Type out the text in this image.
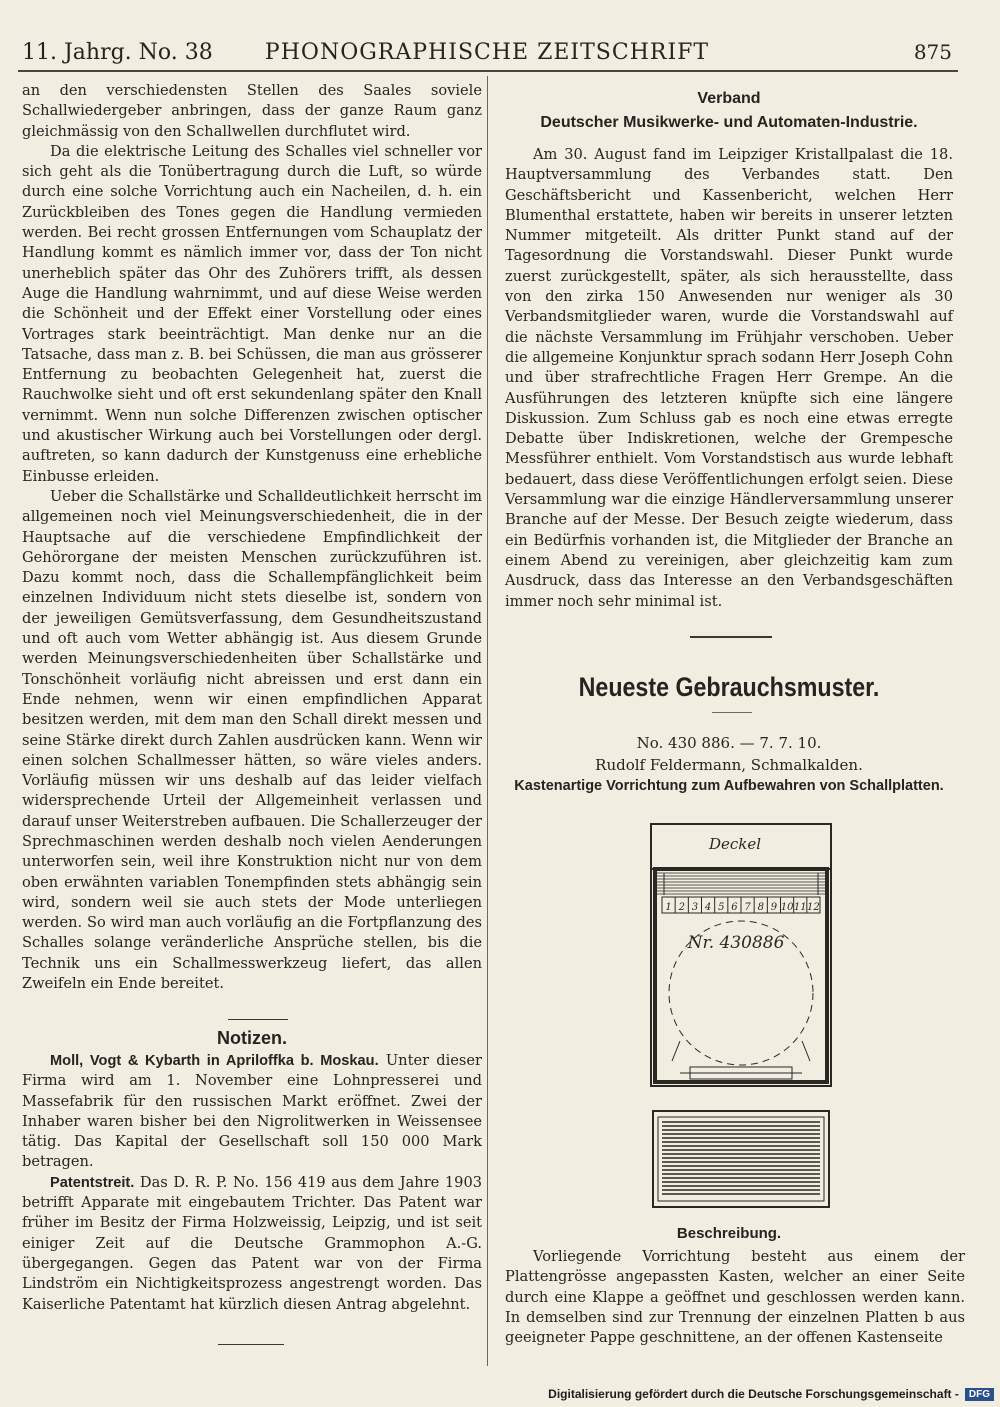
11. Jahrg. No. 38	PHONOGRAPHISCHE ZEITSCHRIFT	875

an den verschiedensten Stellen des Saales soviele Schallwiedergeber anbringen, dass der ganze Raum ganz gleichmässig von den Schallwellen durchflutet wird.

Da die elektrische Leitung des Schalles viel schneller vor sich geht als die Tonübertragung durch die Luft, so würde durch eine solche Vorrichtung auch ein Nacheilen, d. h. ein Zurückbleiben des Tones gegen die Handlung vermieden werden. Bei recht grossen Entfernungen vom Schauplatz der Handlung kommt es nämlich immer vor, dass der Ton nicht unerheblich später das Ohr des Zuhörers trifft, als dessen Auge die Handlung wahrnimmt, und auf diese Weise werden die Schönheit und der Effekt einer Vorstellung oder eines Vortrages stark beeinträchtigt. Man denke nur an die Tatsache, dass man z. B. bei Schüssen, die man aus grösserer Entfernung zu beobachten Gelegenheit hat, zuerst die Rauchwolke sieht und oft erst sekundenlang später den Knall vernimmt. Wenn nun solche Differenzen zwischen optischer und akustischer Wirkung auch bei Vorstellungen oder dergl. auftreten, so kann dadurch der Kunstgenuss eine erhebliche Einbusse erleiden.

Ueber die Schallstärke und Schalldeutlichkeit herrscht im allgemeinen noch viel Meinungsverschiedenheit, die in der Hauptsache auf die verschiedene Empfindlichkeit der Gehörorgane der meisten Menschen zurückzuführen ist. Dazu kommt noch, dass die Schallempfänglichkeit beim einzelnen Individuum nicht stets dieselbe ist, sondern von der jeweiligen Gemütsverfassung, dem Gesundheitszustand und oft auch vom Wetter abhängig ist. Aus diesem Grunde werden Meinungsverschiedenheiten über Schallstärke und Tonschönheit vorläufig nicht abreissen und erst dann ein Ende nehmen, wenn wir einen empfindlichen Apparat besitzen werden, mit dem man den Schall direkt messen und seine Stärke direkt durch Zahlen ausdrücken kann. Wenn wir einen solchen Schallmesser hätten, so wäre vieles anders. Vorläufig müssen wir uns deshalb auf das leider vielfach widersprechende Urteil der Allgemeinheit verlassen und darauf unser Weiterstreben aufbauen. Die Schallerzeuger der Sprechmaschinen werden deshalb noch vielen Aenderungen unterworfen sein, weil ihre Konstruktion nicht nur von dem oben erwähnten variablen Tonempfinden stets abhängig sein wird, sondern weil sie auch stets der Mode unterliegen werden. So wird man auch vorläufig an die Fortpflanzung des Schalles solange veränderliche Ansprüche stellen, bis die Technik uns ein Schallmesswerkzeug liefert, das allen Zweifeln ein Ende bereitet.

Notizen.

Moll, Vogt & Kybarth in Apriloffka b. Moskau. Unter dieser Firma wird am 1. November eine Lohnpresserei und Massefabrik für den russischen Markt eröffnet. Zwei der Inhaber waren bisher bei den Nigrolitwerken in Weissensee tätig. Das Kapital der Gesellschaft soll 150 000 Mark betragen.

Patentstreit. Das D. R. P. No. 156 419 aus dem Jahre 1903 betrifft Apparate mit eingebautem Trichter. Das Patent war früher im Besitz der Firma Holzweissig, Leipzig, und ist seit einiger Zeit auf die Deutsche Grammophon A.-G. übergegangen. Gegen das Patent war von der Firma Lindström ein Nichtigkeitsprozess angestrengt worden. Das Kaiserliche Patentamt hat kürzlich diesen Antrag abgelehnt.

Verband
Deutscher Musikwerke- und Automaten-Industrie.

Am 30. August fand im Leipziger Kristallpalast die 18. Hauptversammlung des Verbandes statt. Den Geschäftsbericht und Kassenbericht, welchen Herr Blumenthal erstattete, haben wir bereits in unserer letzten Nummer mitgeteilt. Als dritter Punkt stand auf der Tagesordnung die Vorstandswahl. Dieser Punkt wurde zuerst zurückgestellt, später, als sich herausstellte, dass von den zirka 150 Anwesenden nur weniger als 30 Verbandsmitglieder waren, wurde die Vorstandswahl auf die nächste Versammlung im Frühjahr verschoben. Ueber die allgemeine Konjunktur sprach sodann Herr Joseph Cohn und über strafrechtliche Fragen Herr Grempe. An die Ausführungen des letzteren knüpfte sich eine längere Diskussion. Zum Schluss gab es noch eine etwas erregte Debatte über Indiskretionen, welche der Grempesche Messführer enthielt. Vom Vorstandstisch aus wurde lebhaft bedauert, dass diese Veröffentlichungen erfolgt seien. Diese Versammlung war die einzige Händlerversammlung unserer Branche auf der Messe. Der Besuch zeigte wiederum, dass ein Bedürfnis vorhanden ist, die Mitglieder der Branche an einem Abend zu vereinigen, aber gleichzeitig kam zum Ausdruck, dass das Interesse an den Verbandsgeschäften immer noch sehr minimal ist.

Neueste Gebrauchsmuster.
No. 430 886. — 7. 7. 10.
Rudolf Feldermann, Schmalkalden.
Kastenartige Vorrichtung zum Aufbewahren von Schallplatten.
Deckel
1 2 3 4 5 6 7 8 9 10 11 12
Nr. 430886
Beschreibung.

Vorliegende Vorrichtung besteht aus einem der Plattengrösse angepassten Kasten, welcher an einer Seite durch eine Klappe a geöffnet und geschlossen werden kann. In demselben sind zur Trennung der einzelnen Platten b aus geeigneter Pappe geschnittene, an der offenen Kastenseite

Digitalisierung gefördert durch die Deutsche Forschungsgemeinschaft -	DFG
